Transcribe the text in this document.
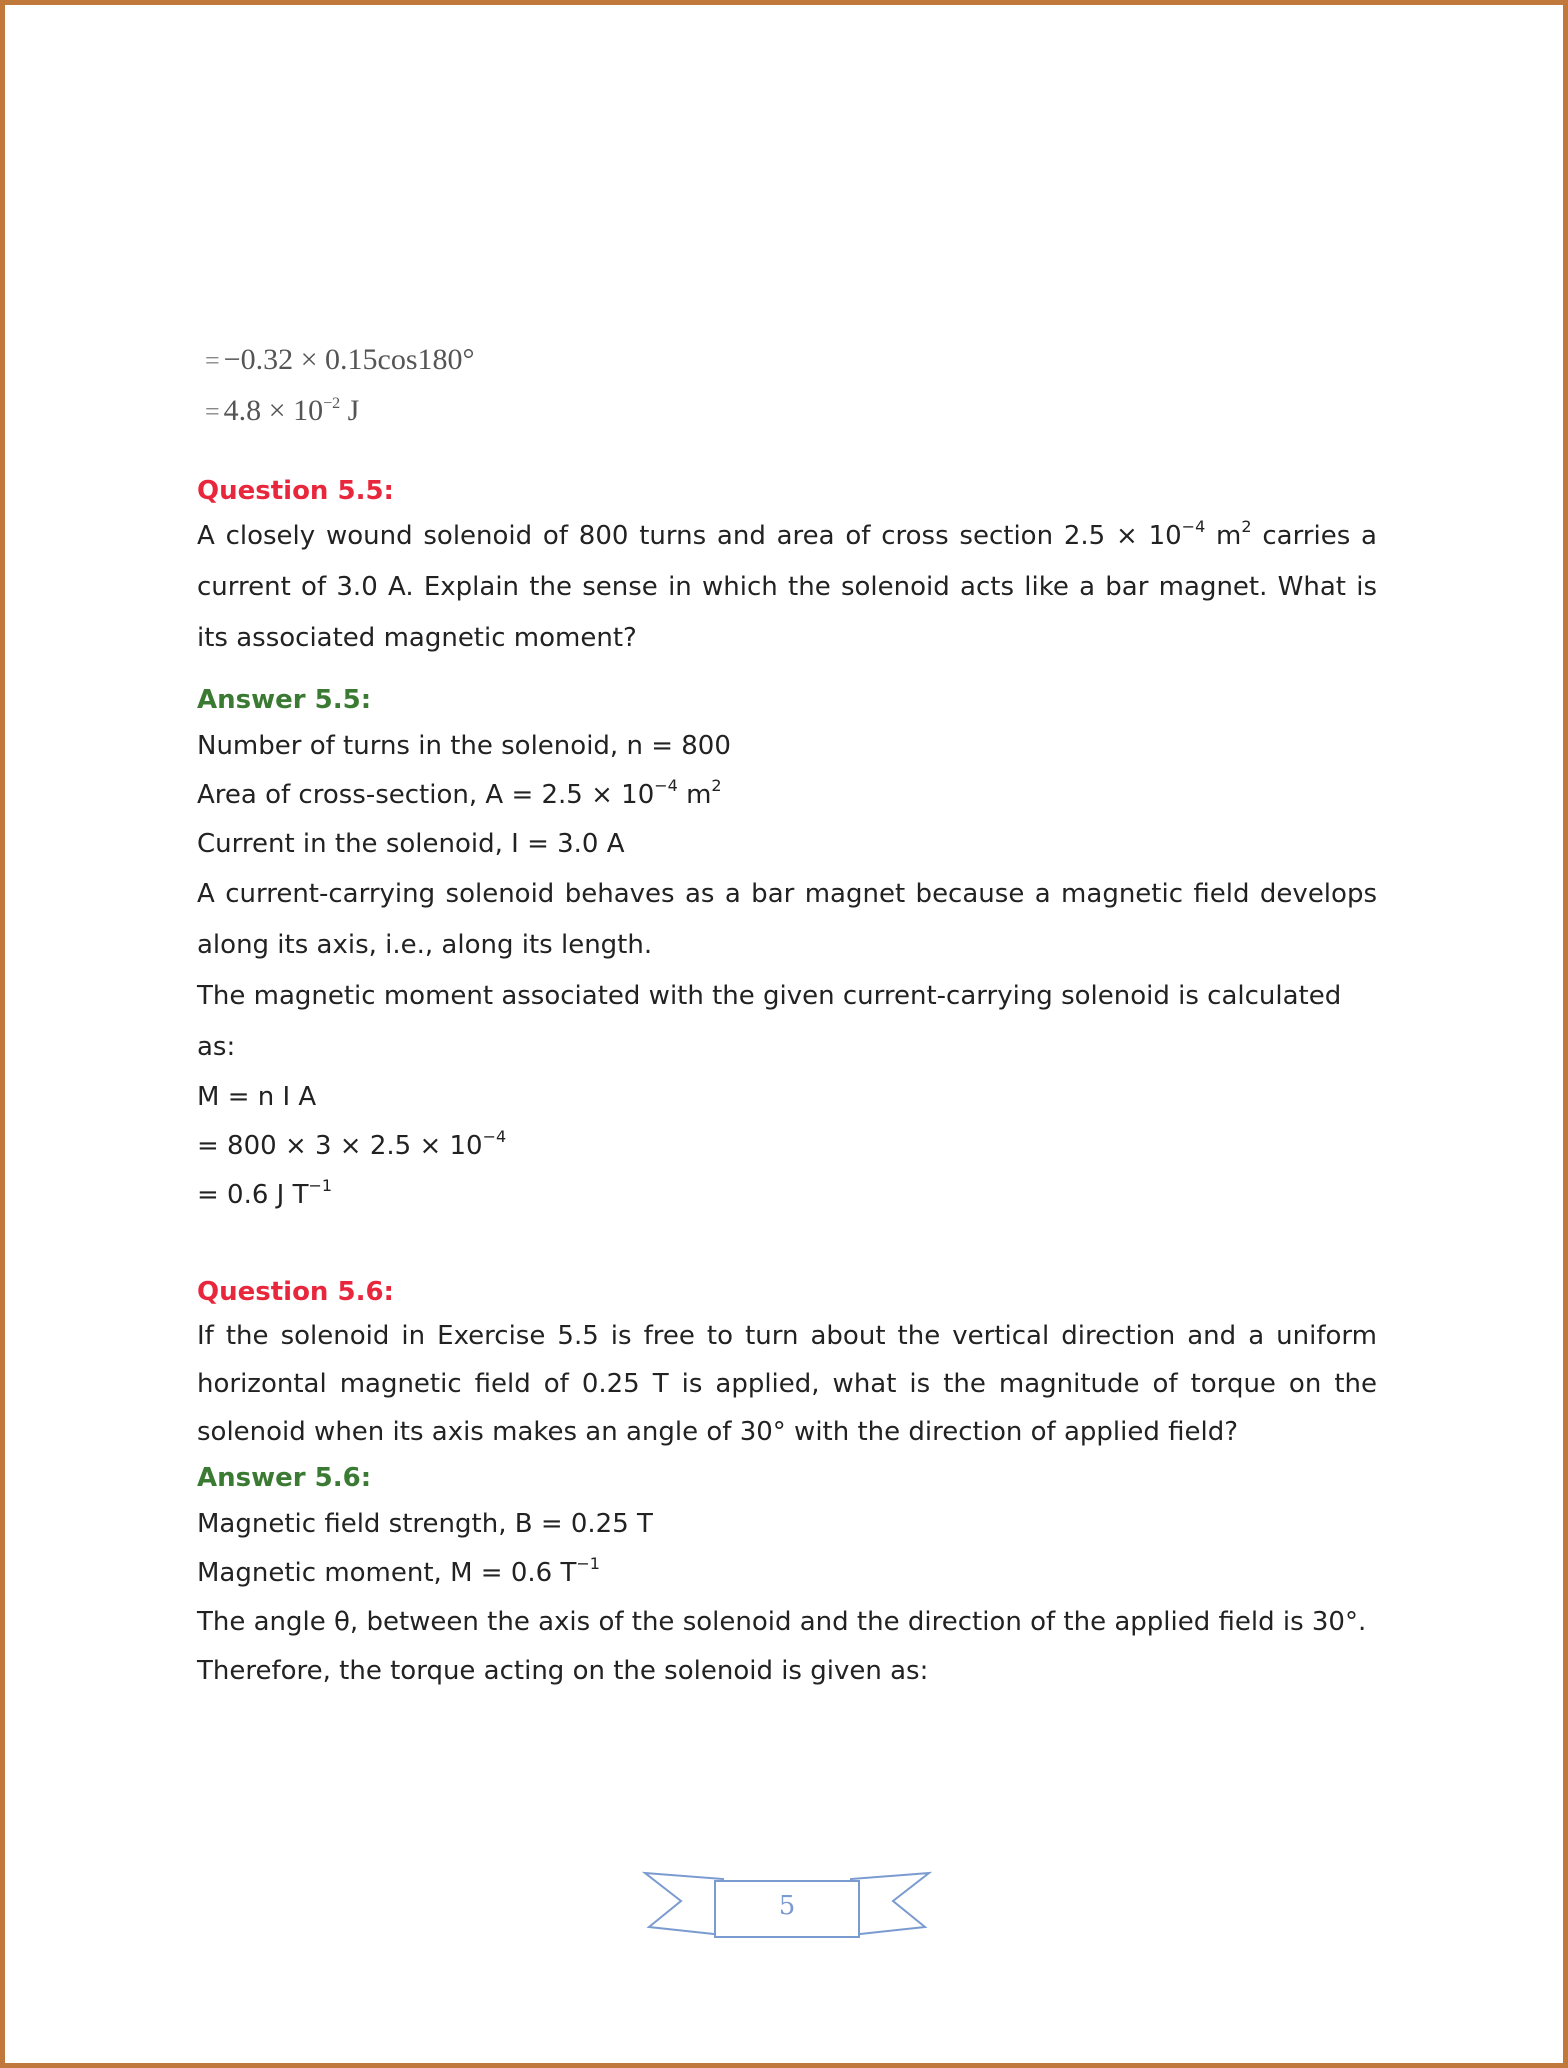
= −0.32 × 0.15cos180°
= $4.8 \times 10^{-2}$ J
Question 5.5:
A closely wound solenoid of 800 turns and area of cross section $2.5 \times 10^{-4}$ $m^2$ carries a current of 3.0 A. Explain the sense in which the solenoid acts like a bar magnet. What is its associated magnetic moment?
Answer 5.5:
Number of turns in the solenoid, n = 800
Area of cross-section, $A = 2.5 \times 10^{-4}$ $m^2$
Current in the solenoid, I = 3.0 A
A current-carrying solenoid behaves as a bar magnet because a magnetic field develops along its axis, i.e., along its length.
The magnetic moment associated with the given current-carrying solenoid is calculated as:
M = n I A
= $800 \times 3 \times 2.5 \times 10^{-4}$
= 0.6 J $T^{-1}$
Question 5.6:
If the solenoid in Exercise 5.5 is free to turn about the vertical direction and a uniform horizontal magnetic field of 0.25 T is applied, what is the magnitude of torque on the solenoid when its axis makes an angle of 30° with the direction of applied field?
Answer 5.6:
Magnetic field strength, B = 0.25 T
Magnetic moment, M = 0.6 $T^{-1}$
The angle θ, between the axis of the solenoid and the direction of the applied field is 30°.
Therefore, the torque acting on the solenoid is given as:
5
